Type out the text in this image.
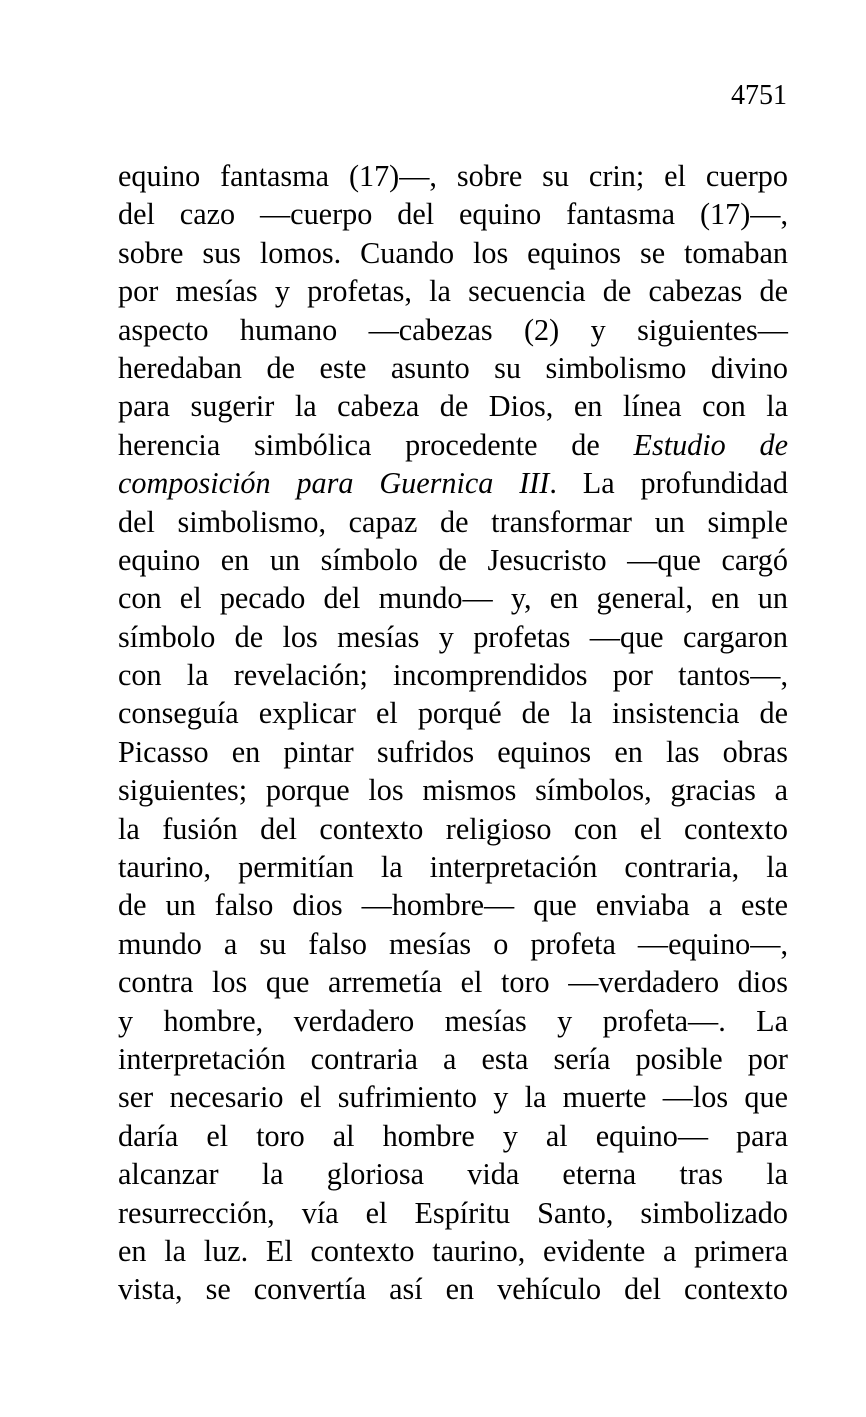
4751
equino fantasma (17)—, sobre su crin; el cuerpo
del cazo —cuerpo del equino fantasma (17)—,
sobre sus lomos. Cuando los equinos se tomaban
por mesías y profetas, la secuencia de cabezas de
aspecto humano —cabezas (2) y siguientes—
heredaban de este asunto su simbolismo divino
para sugerir la cabeza de Dios, en línea con la
herencia simbólica procedente de Estudio de
composición para Guernica III. La profundidad
del simbolismo, capaz de transformar un simple
equino en un símbolo de Jesucristo —que cargó
con el pecado del mundo— y, en general, en un
símbolo de los mesías y profetas —que cargaron
con la revelación; incomprendidos por tantos—,
conseguía explicar el porqué de la insistencia de
Picasso en pintar sufridos equinos en las obras
siguientes; porque los mismos símbolos, gracias a
la fusión del contexto religioso con el contexto
taurino, permitían la interpretación contraria, la
de un falso dios —hombre— que enviaba a este
mundo a su falso mesías o profeta —equino—,
contra los que arremetía el toro —verdadero dios
y hombre, verdadero mesías y profeta—. La
interpretación contraria a esta sería posible por
ser necesario el sufrimiento y la muerte —los que
daría el toro al hombre y al equino— para
alcanzar la gloriosa vida eterna tras la
resurrección, vía el Espíritu Santo, simbolizado
en la luz. El contexto taurino, evidente a primera
vista, se convertía así en vehículo del contexto
